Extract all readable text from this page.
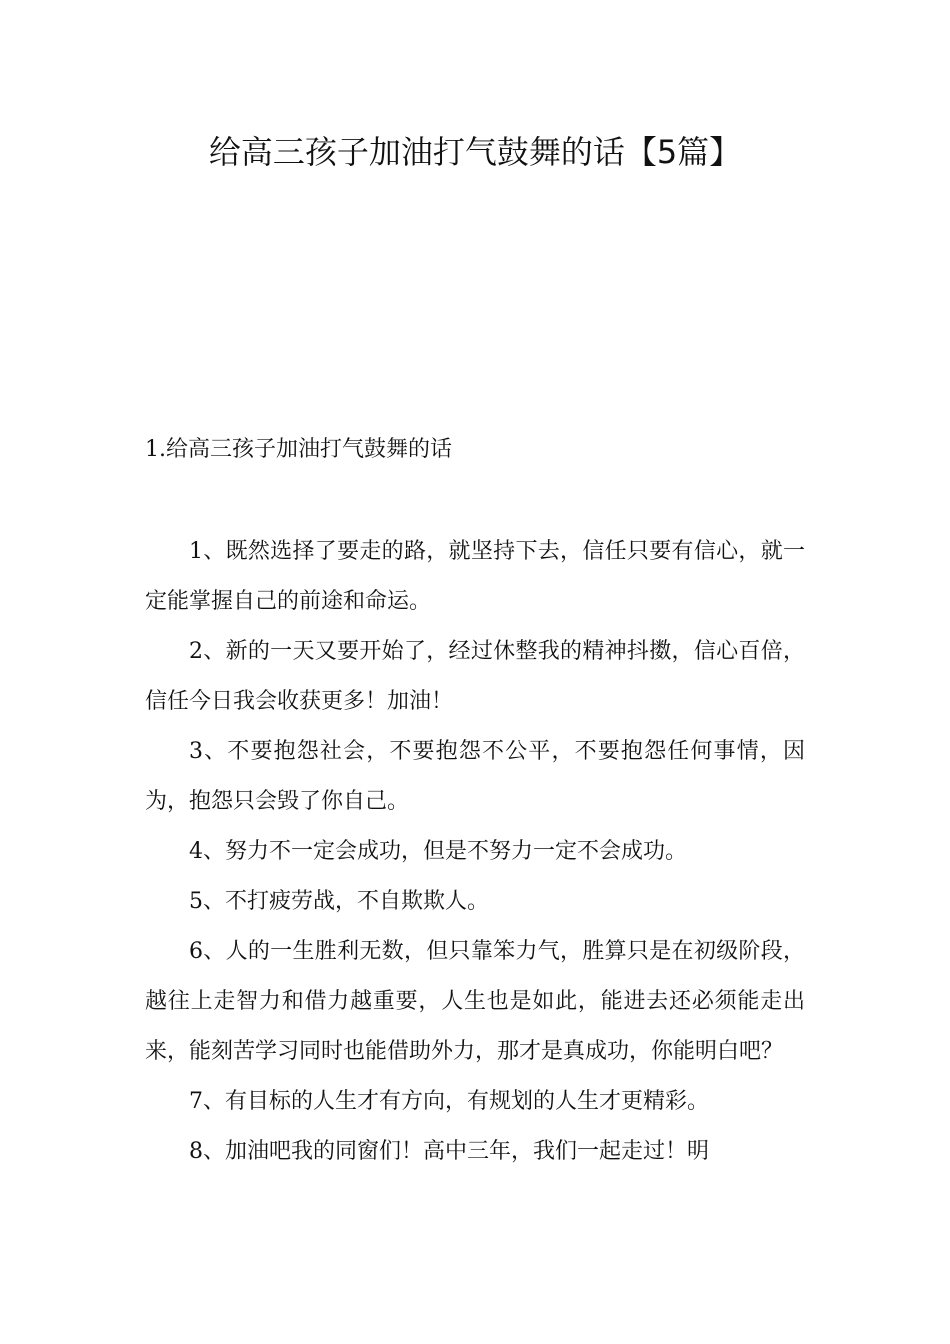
给高三孩子加油打气鼓舞的话【5篇】
1.给高三孩子加油打气鼓舞的话

1、既然选择了要走的路，就坚持下去，信任只要有信心，就一定能掌握自己的前途和命运。

2、新的一天又要开始了，经过休整我的精神抖擞，信心百倍，信任今日我会收获更多！加油！

3、不要抱怨社会，不要抱怨不公平，不要抱怨任何事情，因为，抱怨只会毁了你自己。

4、努力不一定会成功，但是不努力一定不会成功。

5、不打疲劳战，不自欺欺人。

6、人的一生胜利无数，但只靠笨力气，胜算只是在初级阶段，越往上走智力和借力越重要，人生也是如此，能进去还必须能走出来，能刻苦学习同时也能借助外力，那才是真成功，你能明白吧？

7、有目标的人生才有方向，有规划的人生才更精彩。

8、加油吧我的同窗们！高中三年，我们一起走过！明
